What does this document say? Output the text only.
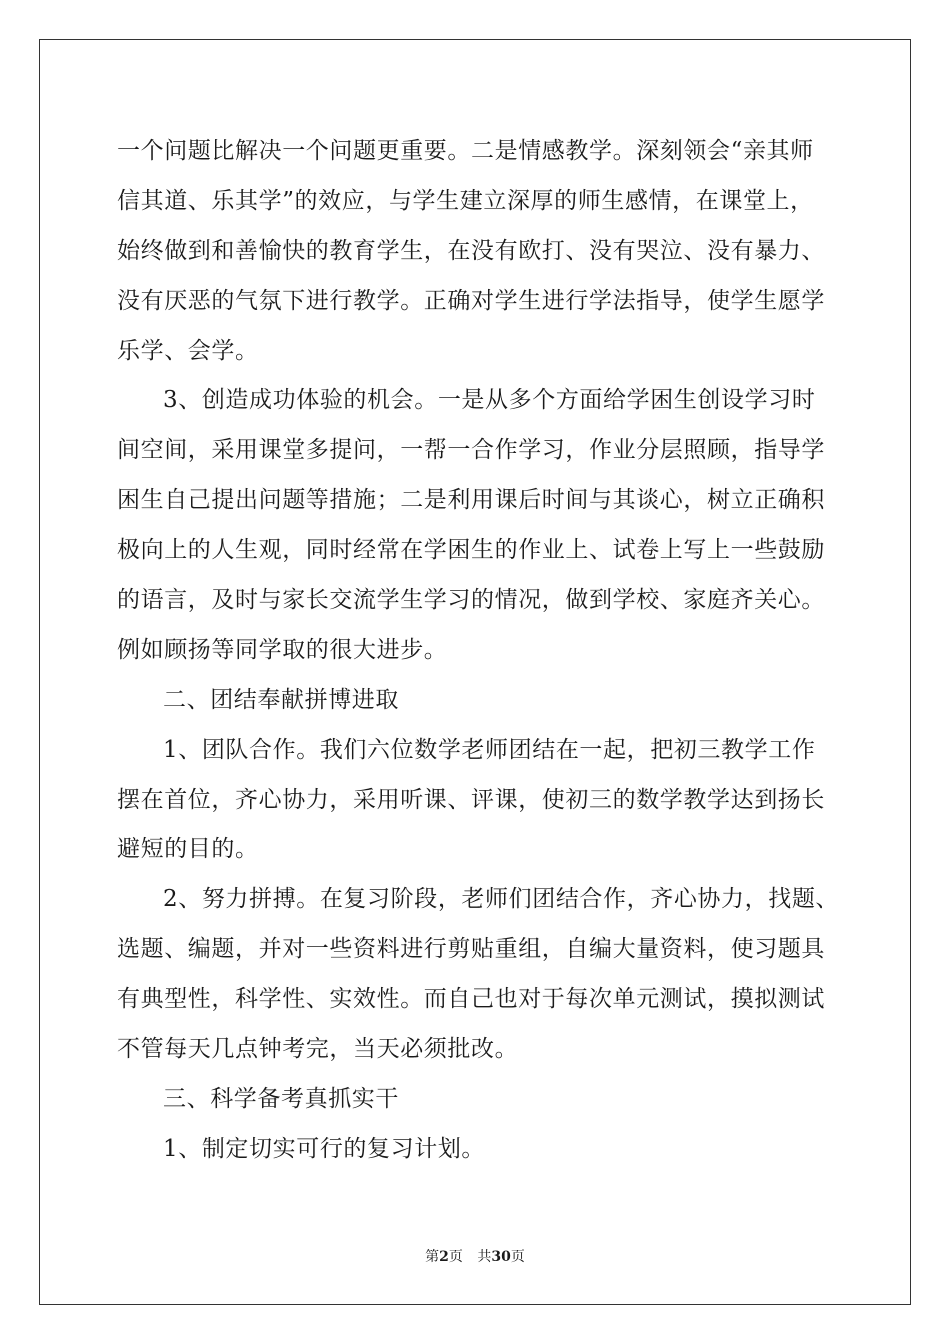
一个问题比解决一个问题更重要。二是情感教学。深刻领会“亲其师
信其道、乐其学”的效应，与学生建立深厚的师生感情，在课堂上，
始终做到和善愉快的教育学生，在没有欧打、没有哭泣、没有暴力、
没有厌恶的气氛下进行教学。正确对学生进行学法指导，使学生愿学
乐学、会学。
3、创造成功体验的机会。一是从多个方面给学困生创设学习时
间空间，采用课堂多提问，一帮一合作学习，作业分层照顾，指导学
困生自己提出问题等措施；二是利用课后时间与其谈心，树立正确积
极向上的人生观，同时经常在学困生的作业上、试卷上写上一些鼓励
的语言，及时与家长交流学生学习的情况，做到学校、家庭齐关心。
例如顾扬等同学取的很大进步。
二、团结奉献拼博进取
1、团队合作。我们六位数学老师团结在一起，把初三教学工作
摆在首位，齐心协力，采用听课、评课，使初三的数学教学达到扬长
避短的目的。
2、努力拼搏。在复习阶段，老师们团结合作，齐心协力，找题、
选题、编题，并对一些资料进行剪贴重组，自编大量资料，使习题具
有典型性，科学性、实效性。而自己也对于每次单元测试，摸拟测试
不管每天几点钟考完，当天必须批改。
三、科学备考真抓实干
1、制定切实可行的复习计划。
第2页 共30页
